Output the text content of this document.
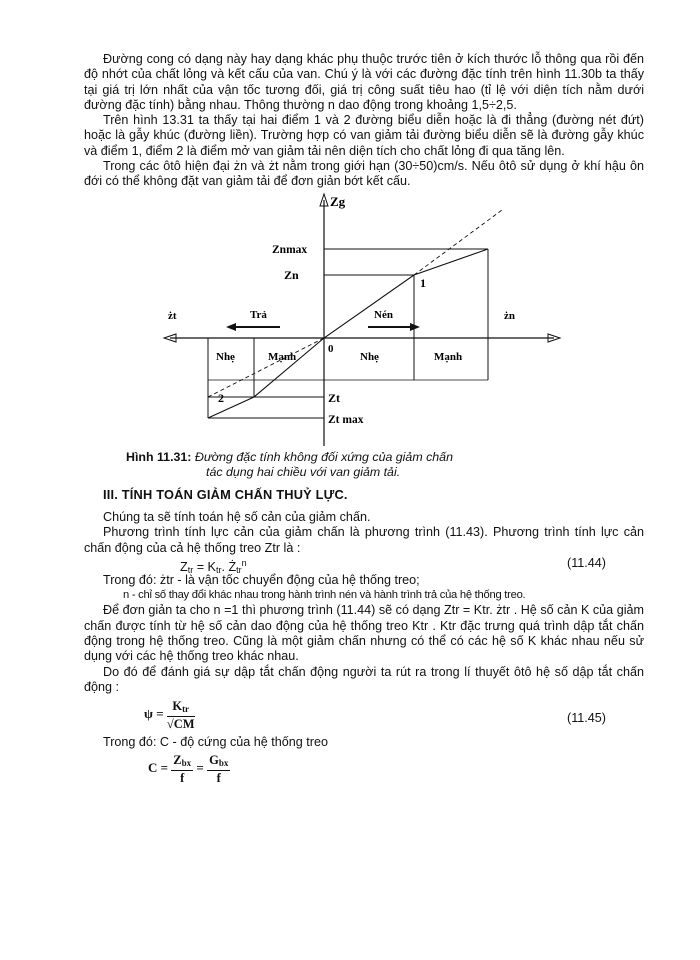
Đường cong có dạng này hay dạng khác phụ thuộc trước tiên ở kích thước lỗ thông qua rồi đến độ nhớt của chất lỏng và kết cấu của van. Chú ý là với các đường đặc tính trên hình 11.30b ta thấy tại giá trị lớn nhất của vận tốc tương đối, giá trị công suất tiêu hao (tỉ lệ với diện tích nằm dưới đường đặc tính) bằng nhau. Thông thường n dao động trong khoảng 1,5÷2,5.

Trên hình 13.31 ta thấy tại hai điểm 1 và 2 đường biểu diễn hoặc là đi thẳng (đường nét đứt) hoặc là gẫy khúc (đường liền). Trường hợp có van giảm tải đường biểu diễn sẽ là đường gẫy khúc và điểm 1, điểm 2 là điểm mở van giảm tải nên diện tích cho chất lỏng đi qua tăng lên.

Trong các ôtô hiện đại żn và żt nằm trong giới hạn (30÷50)cm/s. Nếu ôtô sử dụng ở khí hậu ôn đới có thể không đặt van giảm tải để đơn giản bớt kết cấu.

Zg
Znmax
Zn
1
2
0
żt	żn
Trả	Nén
Nhẹ	Mạnh	Nhẹ	Mạnh
Zt
Zt max

Hình 11.31: Đường đặc tính không đối xứng của giảm chấn
tác dụng hai chiều với van giảm tải.

III. TÍNH TOÁN GIẢM CHẤN THUỶ LỰC.

Chúng ta sẽ tính toán hệ số cản của giảm chấn.

Phương trình tính lực cản của giảm chấn là phương trình (11.43). Phương trình tính lực cản chấn động của cả hệ thống treo Ztr là :

$Z_{tr} = K_{tr}$. $Ż_{tr}^n$	(11.44)

Trong đó: żtr - là vận tốc chuyển động của hệ thống treo;

n - chỉ số thay đổi khác nhau trong hành trình nén và hành trình trả của hệ thống treo.

Để đơn giản ta cho n =1 thì phương trình (11.44) sẽ có dạng Ztr = Ktr. żtr . Hệ số cản K của giảm chấn được tính từ hệ số cản dao động của hệ thống treo Ktr . Ktr đặc trưng quá trình dập tắt chấn động trong hệ thống treo. Cũng là một giảm chấn nhưng có thể có các hệ số K khác nhau nếu sử dụng với các hệ thống treo khác nhau.

Do đó để đánh giá sự dập tắt chấn động người ta rút ra trong lí thuyết ôtô hệ số dập tắt chấn động :

$\psi = \frac{K_{tr}}{√CM}$	(11.45)

Trong đó: C - độ cứng của hệ thống treo

$C = \frac{Z_{bx}}{f} = \frac{G_{bx}}{f}$
